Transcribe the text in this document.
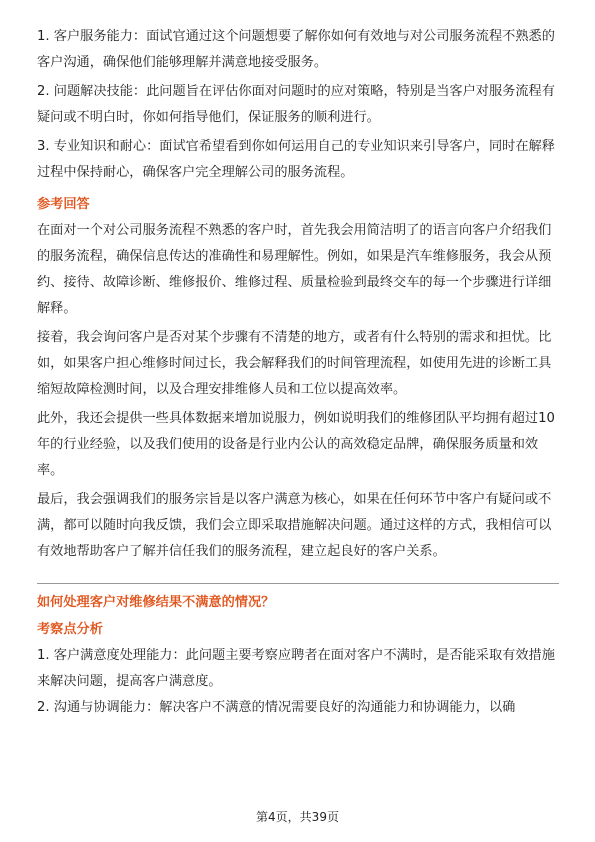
1. 客户服务能力：面试官通过这个问题想要了解你如何有效地与对公司服务流程不熟悉的客户沟通，确保他们能够理解并满意地接受服务。

2. 问题解决技能：此问题旨在评估你面对问题时的应对策略，特别是当客户对服务流程有疑问或不明白时，你如何指导他们，保证服务的顺利进行。

3. 专业知识和耐心：面试官希望看到你如何运用自己的专业知识来引导客户，同时在解释过程中保持耐心，确保客户完全理解公司的服务流程。

参考回答

在面对一个对公司服务流程不熟悉的客户时，首先我会用简洁明了的语言向客户介绍我们的服务流程，确保信息传达的准确性和易理解性。例如，如果是汽车维修服务，我会从预约、接待、故障诊断、维修报价、维修过程、质量检验到最终交车的每一个步骤进行详细解释。

接着，我会询问客户是否对某个步骤有不清楚的地方，或者有什么特别的需求和担忧。比如，如果客户担心维修时间过长，我会解释我们的时间管理流程，如使用先进的诊断工具缩短故障检测时间，以及合理安排维修人员和工位以提高效率。

此外，我还会提供一些具体数据来增加说服力，例如说明我们的维修团队平均拥有超过10年的行业经验，以及我们使用的设备是行业内公认的高效稳定品牌，确保服务质量和效率。

最后，我会强调我们的服务宗旨是以客户满意为核心，如果在任何环节中客户有疑问或不满，都可以随时向我反馈，我们会立即采取措施解决问题。通过这样的方式，我相信可以有效地帮助客户了解并信任我们的服务流程，建立起良好的客户关系。

如何处理客户对维修结果不满意的情况？
考察点分析

1. 客户满意度处理能力：此问题主要考察应聘者在面对客户不满时，是否能采取有效措施来解决问题，提高客户满意度。

2. 沟通与协调能力：解决客户不满意的情况需要良好的沟通能力和协调能力，以确

第4页，共39页
